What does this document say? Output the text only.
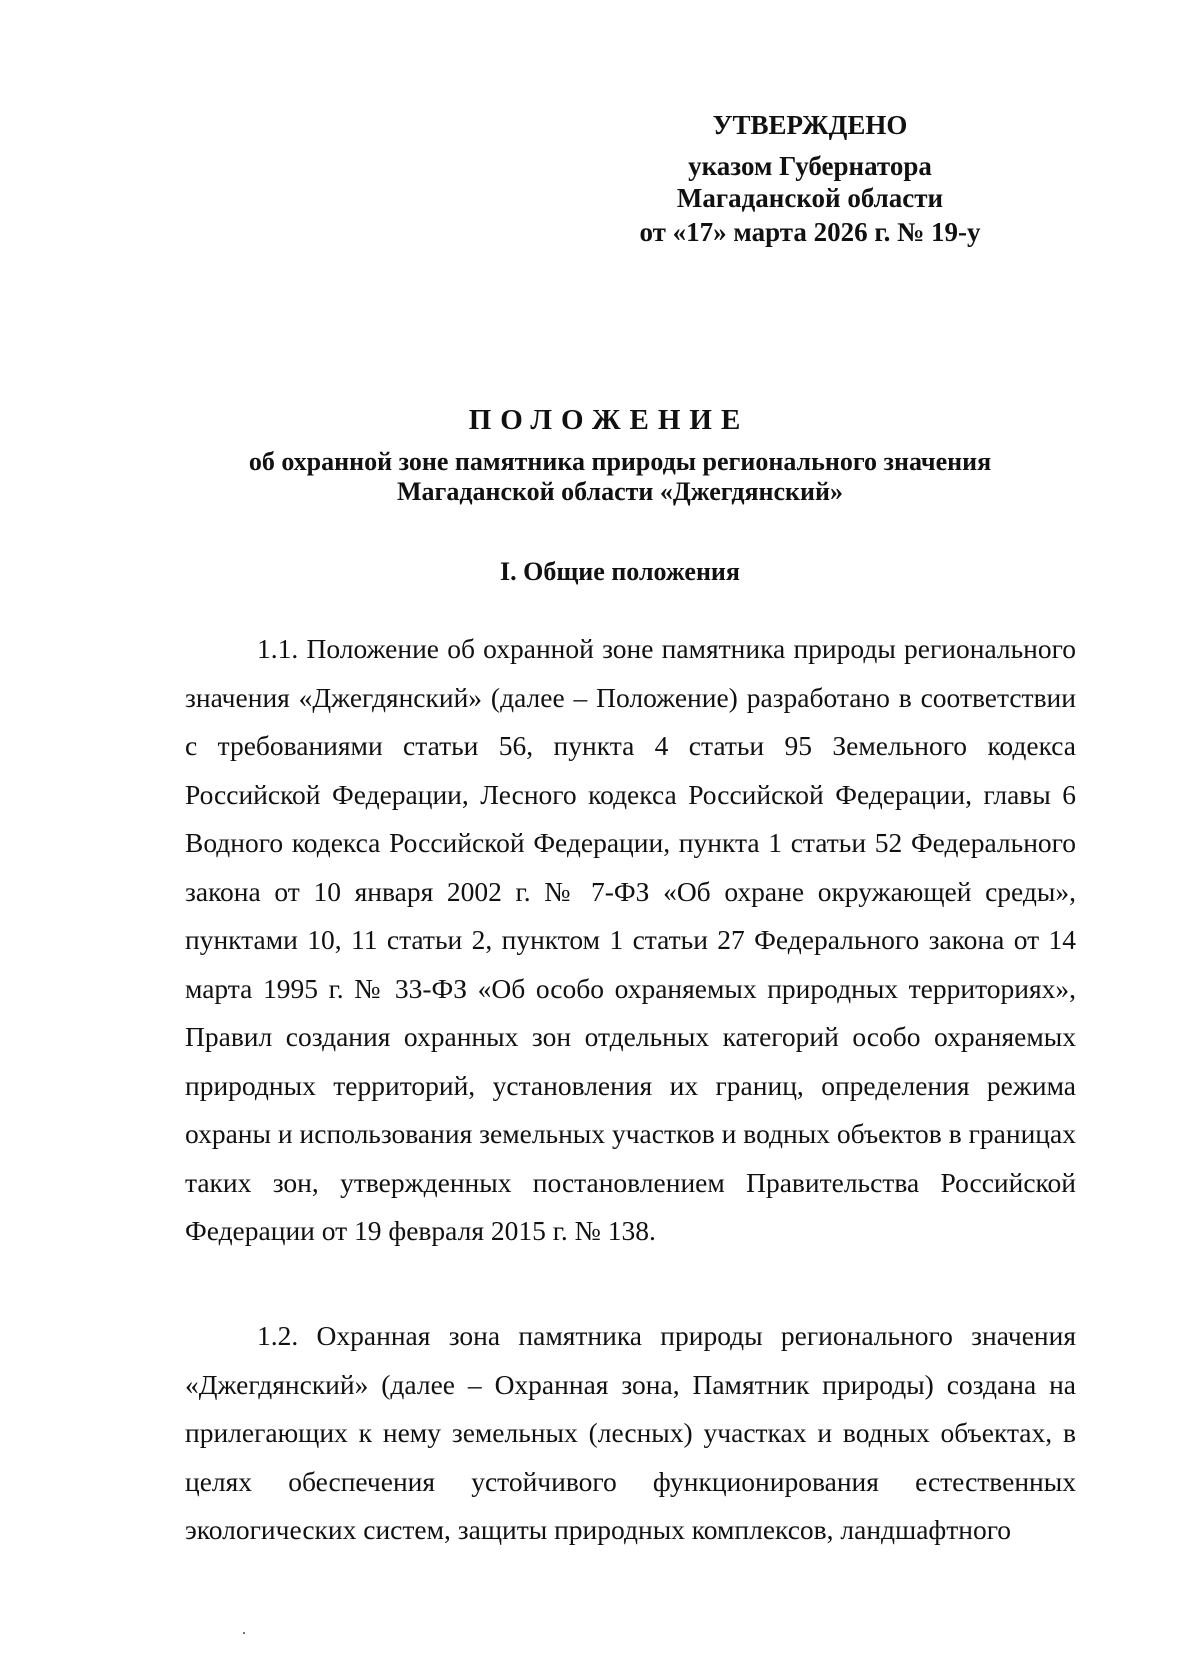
УТВЕРЖДЕНО
указом Губернатора
Магаданской области
от «17» марта 2026 г. № 19-у
ПОЛОЖЕНИЕ
об охранной зоне памятника природы регионального значения
Магаданской области «Джегдянский»
I. Общие положения

1.1. Положение об охранной зоне памятника природы регионального значения «Джегдянский» (далее – Положение) разработано в соответствии с требованиями статьи 56, пункта 4 статьи 95 Земельного кодекса Российской Федерации, Лесного кодекса Российской Федерации, главы 6 Водного кодекса Российской Федерации, пункта 1 статьи 52 Федерального закона от 10 января 2002 г. № 7-ФЗ «Об охране окружающей среды», пунктами 10, 11 статьи 2, пунктом 1 статьи 27 Федерального закона от 14 марта 1995 г. № 33-ФЗ «Об особо охраняемых природных территориях», Правил создания охранных зон отдельных категорий особо охраняемых природных территорий, установления их границ, определения режима охраны и использования земельных участков и водных объектов в границах таких зон, утвержденных постановлением Правительства Российской Федерации от 19 февраля 2015 г. № 138.

1.2. Охранная зона памятника природы регионального значения «Джегдянский» (далее – Охранная зона, Памятник природы) создана на прилегающих к нему земельных (лесных) участках и водных объектах, в целях обеспечения устойчивого функционирования естественных экологических систем, защиты природных комплексов, ландшафтного
